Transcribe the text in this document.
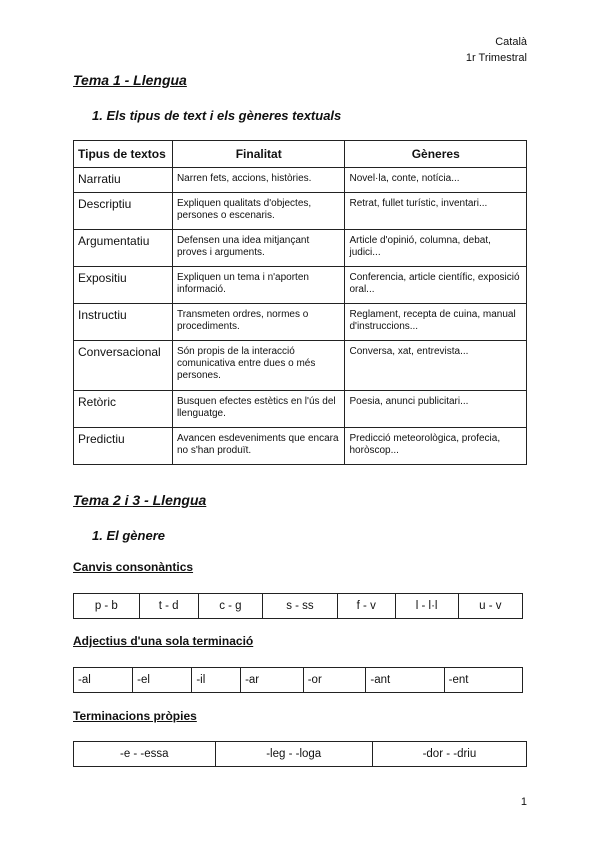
Català
1r Trimestral
Tema 1 - Llengua
1. Els tipus de text i els gèneres textuals
Tipus de textos	Finalitat	Gèneres
Narratiu	Narren fets, accions, històries.	Novel·la, conte, notícia...
Descriptiu	Expliquen qualitats d'objectes, persones o escenaris.	Retrat, fullet turístic, inventari...
Argumentatiu	Defensen una idea mitjançant proves i arguments.	Article d'opinió, columna, debat, judici...
Expositiu	Expliquen un tema i n'aporten informació.	Conferencia, article científic, exposició oral...
Instructiu	Transmeten ordres, normes o procediments.	Reglament, recepta de cuina, manual d'instruccions...
Conversacional	Són propis de la interacció comunicativa entre dues o més persones.	Conversa, xat, entrevista...
Retòric	Busquen efectes estètics en l'ús del llenguatge.	Poesia, anunci publicitari...
Predictiu	Avancen esdeveniments que encara no s'han produït.	Predicció meteorològica, profecia, horòscop...
Tema 2 i 3 - Llengua
1. El gènere
Canvis consonàntics
p - b	t - d	c - g	s - ss	f - v	l - l·l	u - v
Adjectius d'una sola terminació
-al	-el	-il	-ar	-or	-ant	-ent
Terminacions pròpies
-e - -essa	-leg - -loga	-dor - -driu
1
